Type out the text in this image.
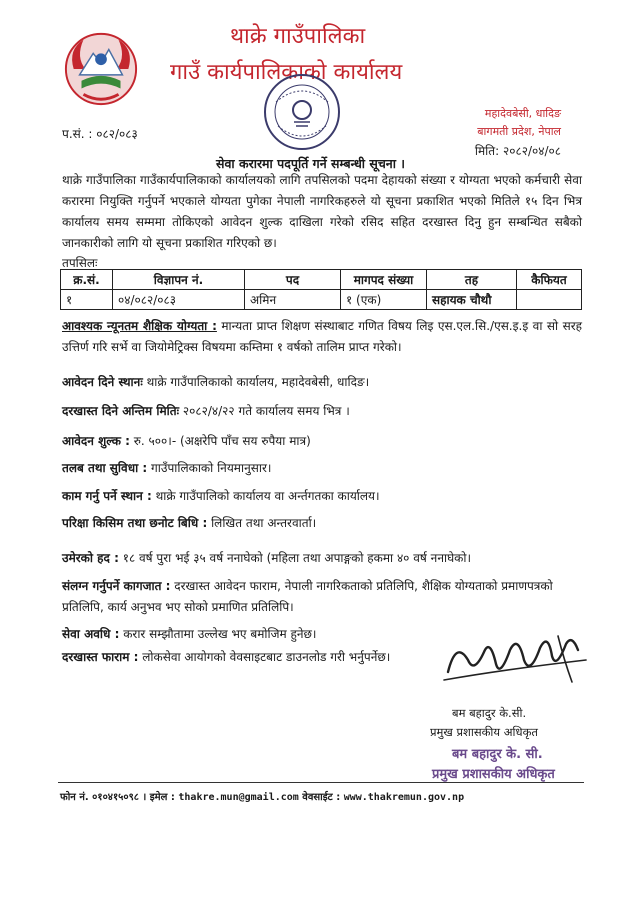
थाक्रे गाउँपालिका
गाउँ कार्यपालिकाको कार्यालय
महादेवबेसी, धादिङ
बागमती प्रदेश, नेपाल
मिति: २०८२/०४/०८
प.सं. : ०८२/०८३
सेवा करारमा पदपूर्ति गर्ने सम्बन्धी सूचना ।
थाक्रे गाउँपालिका गाउँकार्यपालिकाको कार्यालयको लागि तपसिलको पदमा देहायको संख्या र योग्यता भएको कर्मचारी सेवा करारमा नियुक्ति गर्नुपर्ने भएकाले योग्यता पुगेका नेपाली नागरिकहरुले यो सूचना प्रकाशित भएको मितिले १५ दिन भित्र कार्यालय समय सम्ममा तोकिएको आवेदन शुल्क दाखिला गरेको रसिद सहित दरखास्त दिनु हुन सम्बन्धित सबैको जानकारीको लागि यो सूचना प्रकाशित गरिएको छ।
तपसिलः
क्र.सं.	विज्ञापन नं.	पद	मागपद संख्या	तह	कैफियत
१	०४/०८२/०८३	अमिन	१ (एक)	सहायक चौथौ	
आवश्यक न्यूनतम शैक्षिक योग्यता : मान्यता प्राप्त शिक्षण संस्थाबाट गणित विषय लिइ एस.एल.सि./एस.इ.इ वा सो सरह उत्तिर्ण गरि सर्भे वा जियोमेट्रिक्स विषयमा कम्तिमा १ वर्षको तालिम प्राप्त गरेको।
आवेदन दिने स्थानः थाक्रे गाउँपालिकाको कार्यालय, महादेवबेसी, धादिङ।
दरखास्त दिने अन्तिम मितिः २०८२/४/२२ गते कार्यालय समय भित्र ।
आवेदन शुल्क : रु. ५००।- (अक्षरेपि पाँच सय रुपैया मात्र)
तलब तथा सुविधा : गाउँपालिकाको नियमानुसार।
काम गर्नु पर्ने स्थान : थाक्रे गाउँपालिको कार्यालय वा अर्न्तगतका कार्यालय।
परिक्षा किसिम तथा छनोट बिधि : लिखित तथा अन्तरवार्ता।
उमेरको हद : १८ वर्ष पुरा भई ३५ वर्ष ननाघेको (महिला तथा अपाङ्गको हकमा ४० वर्ष ननाघेको।
संलग्न गर्नुपर्ने कागजात : दरखास्त आवेदन फाराम, नेपाली नागरिकताको प्रतिलिपि, शैक्षिक योग्यताको प्रमाणपत्रको प्रतिलिपि, कार्य अनुभव भए सोको प्रमाणित प्रतिलिपि।
सेवा अवधि : करार सम्झौतामा उल्लेख भए बमोजिम हुनेछ।
दरखास्त फाराम : लोकसेवा आयोगको वेवसाइटबाट डाउनलोड गरी भर्नुपर्नेछ।
बम बहादुर के.सी.
प्रमुख प्रशासकीय अधिकृत
बम बहादुर के. सी.
प्रमुख प्रशासकीय अधिकृत
फोन नं. ०१०४१५०९८ । इमेल : thakre.mun@gmail.com वेवसाईट : www.thakremun.gov.np
